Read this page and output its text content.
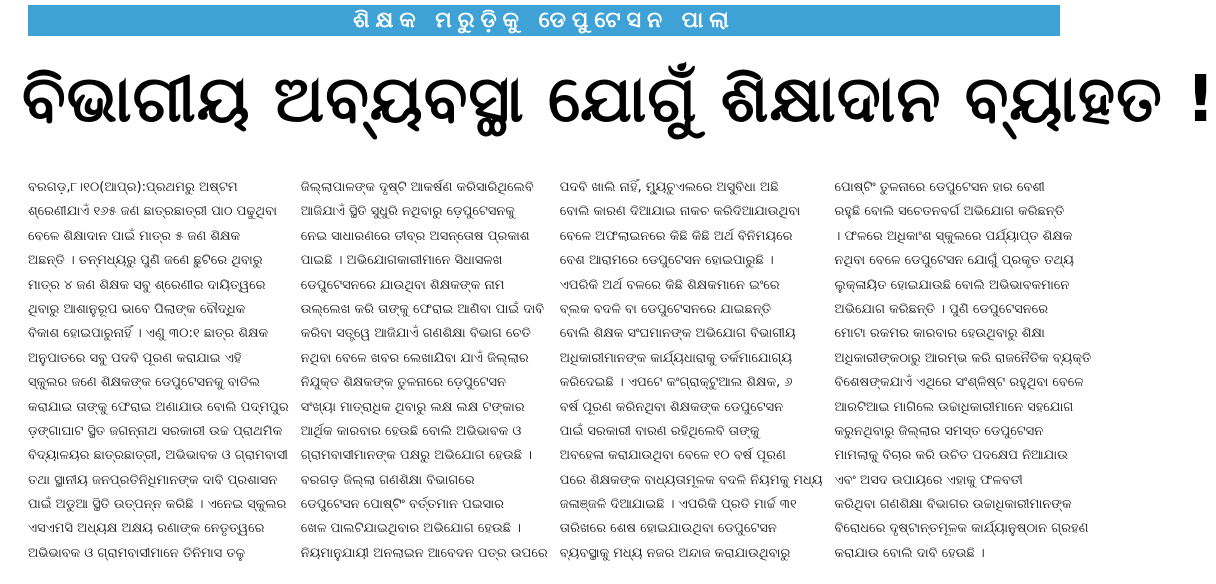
ଶିକ୍ଷକ ମରୁଡ଼ିକୁ ଡେପୁଟେସନ ପାଲା
ବିଭାଗୀୟ ଅବ୍ୟବସ୍ଥା ଯୋଗୁଁ ଶିକ୍ଷାଦାନ ବ୍ୟାହତ !
ବରଗଡ଼,୮।୧୦(ଆପ୍ର):ପ୍ରଥମରୁ ଅଷ୍ଟମ
ଶ୍ରେଣୀଯାଏଁ ୧୬୫ ଜଣ ଛାତ୍ରଛାତ୍ରୀ ପାଠ ପଢୁଥିବା
ବେଳେ ଶିକ୍ଷାଦାନ ପାଇଁ ମାତ୍ର ୫ ଜଣ ଶିକ୍ଷକ
ଅଛନ୍ତି । ତନ୍ମଧ୍ୟରୁ ପୁଣି ଜଣେ ଛୁଟିରେ ଥିବାରୁ
ମାତ୍ର ୪ ଜଣ ଶିକ୍ଷକ ସବୁ ଶ୍ରେଣୀର ଦାୟିତ୍ୱରେ
ଥିବାରୁ ଆଶାନୁରୂପ ଭାବେ ପିଲାଙ୍କ ବୌଦ୍ଧିକ
ବିକାଶ ହୋଇପାରୁନାହିଁ । ଏଣୁ ୩୦:୧ ଛାତ୍ର ଶିକ୍ଷକ
ଅନୁପାତରେ ସବୁ ପଦବି ପୂରଣ କରାଯାଇ ଏହି
ସ୍କୁଲର ଜଣେ ଶିକ୍ଷକଙ୍କ ଡେପୁଟେସନକୁ ବାତିଲ
କରାଯାଇ ତାଙ୍କୁ ଫେରାଇ ଅଣାଯାଉ ବୋଲି ପଦ୍ମପୁର
ଡ଼ଙ୍ଗାଘାଟ ସ୍ଥିତ ଜଗନ୍ନାଥ ସରକାରୀ ଉଚ୍ଚ ପ୍ରାଥମିକ
ବିଦ୍ୟାଳୟର ଛାତ୍ରଛାତ୍ରୀ, ଅଭିଭାବକ ଓ ଗ୍ରାମବାସୀ
ତଥା ସ୍ଥାନୀୟ ଜନପ୍ରତିନିଧିମାନଙ୍କ ଦାବି ପ୍ରଶାସନ
ପାଇଁ ଅଡୁଆ ସ୍ଥିତି ଉତ୍ପନ୍ନ କରିଛି । ଏନେଇ ସ୍କୁଲର
ଏସଏମସି ଅଧ୍ୟକ୍ଷ ଅକ୍ଷୟ ରଣାଙ୍କ ନେତୃତ୍ୱରେ
ଅଭିଭାବକ ଓ ଗ୍ରାମବାସୀମାନେ ତିନିମାସ ତଳୁ
ଜିଲ୍ଲାପାଳଙ୍କ ଦୃଷ୍ଟି ଆକର୍ଷଣ କରିସାରିଥିଲେବି
ଆଜିଯାଏଁ ସ୍ଥିତି ସୁଧୁରି ନଥିବାରୁ ଡ଼େପୁଟେସନକୁ
ନେଇ ସାଧାରଣରେ ତୀବ୍ର ଅସନ୍ତୋଷ ପ୍ରକାଶ
ପାଇଛି । ଅଭିଯୋଗକାରୀମାନେ ସିଧାସଳଖ
ଡେପୁଟେସନରେ ଯାଉଥିବା ଶିକ୍ଷକଙ୍କ ନାମ
ଉଲ୍ଲେଖ କରି ତାଙ୍କୁ ଫେରାଇ ଆଣିବା ପାଇଁ ଦାବି
କରିବା ସତ୍ତ୍ୱେ ଆଜିଯାଏଁ ଗଣଶିକ୍ଷା ବିଭାଗ ଚେତି
ନଥିବା ବେଳେ ଖବର ଲେଖାଯିବା ଯାଏଁ ଜିଲ୍ଲାର
ନିଯୁକ୍ତ ଶିକ୍ଷକଙ୍କ ତୁଳନାରେ ଡ଼େପୁଟେସନ
ସଂଖ୍ୟା ମାତ୍ରାଧିକ ଥିବାରୁ ଲକ୍ଷ ଲକ୍ଷ ଟଙ୍କାର
ଆର୍ଥିକ କାରବାର ହେଉଛି ବୋଲି ଅଭିଭାବକ ଓ
ଗ୍ରାମବାସୀମାନଙ୍କ ପକ୍ଷରୁ ଅଭିଯୋଗ ହେଉଛି ।
ବରଗଡ଼ ଜିଲ୍ଲା ଗଣଶିକ୍ଷା ବିଭାଗରେ
ଡେପୁଟେସନ ପୋଷ୍ଟିଂ ବର୍ତ୍ତମାନ ପଇସାର
ଖେଳ ପାଲଟିଯାଇଥିବାର ଅଭିଯୋଗ ହେଉଛି ।
ନିୟମାନୁଯାୟୀ ଅନଲାଇନ ଆବେଦନ ପତ୍ର ଉପରେ
ପଦବି ଖାଲି ନାହିଁ, ମ୍ୟୁଚୁଏଲରେ ଅସୁବିଧା ଅଛି
ବୋଲି କାରଣ ଦିଆଯାଇ ନାକଚ କରିଦିଆଯାଉଥିବା
ବେଳେ ଅଫଲାଇନରେ କିଛି କିଛି ଅର୍ଥ ବିନିମୟରେ
ବେଶ ଆରାମରେ ଡେପୁଟେସନ ହୋଇପାରୁଛି ।
ଏପରିକି ଅର୍ଥ ବଳରେ କିଛି ଶିକ୍ଷକମାନେ ଇଂରେ
ବ୍ଲକ ବଦଳି ବା ଡେପୁଟେସନରେ ଯାଇଛନ୍ତି
ବୋଲି ଶିକ୍ଷକ ସଂଘମାନଙ୍କ ଅଭିଯୋଗ ବିଭାଗୀୟ
ଅଧିକାରୀମାନଙ୍କ କାର୍ଯ୍ୟଧାରାକୁ ତର୍କମାଯୋଗ୍ୟ
କରିଦେଇଛି । ଏପଟେ କଂଗ୍ରାକ୍ଟୁଆଲ ଶିକ୍ଷକ, ୬
ବର୍ଷ ପୂରଣ କରିନଥିବା ଶିକ୍ଷକଙ୍କ ଡେପୁଟେସନ
ପାଇଁ ସରକାରୀ ବାରଣ ରହିଥିଲେବି ତାଙ୍କୁ
ଅବହେଳା କରାଯାଉଥିବା ବେଳେ ୧୦ ବର୍ଷ ପୂରଣ
ପରେ ଶିକ୍ଷକଙ୍କ ବାଧ୍ୟତାମୂଳକ ବଦଳି ନିୟମକୁ ମଧ୍ୟ
ଜଳାଞ୍ଜଳି ଦିଆଯାଇଛି । ଏପରିକି ପ୍ରତି ମାର୍ଚ୍ଚ ୩୧
ତାରିଖରେ ଶେଷ ହୋଇଯାଉଥିବା ଡେପୁଟେସନ
ବ୍ୟବସ୍ଥାକୁ ମଧ୍ୟ ନଜର ଅନ୍ଦାଜ କରାଯାଉଥିବାରୁ
ପୋଷ୍ଟିଂ ତୁଳନାରେ ଡେପୁଟେସନ ହାର ବେଶୀ
ରହୁଛି ବୋଲି ସଚେତନବର୍ଗ ଅଭିଯୋଗ କରିଛନ୍ତି
। ଫଳରେ ଅଧିକାଂଶ ସ୍କୁଲରେ ପର୍ଯ୍ୟାପ୍ତ ଶିକ୍ଷକ
ନଥିବା ବେଳେ ଡେପୁଟେସନ ଯୋଗୁଁ ପ୍ରକୃତ ତଥ୍ୟ
ଲୁକ୍ଳାୟିତ ହୋଇଯାଉଛି ବୋଲି ଅଭିଭାବକମାନେ
ଅଭିଯୋଗ କରିଛନ୍ତି । ପୁଣି ଡେପୁଟେସନରେ
ମୋଟା ରକମର କାରବାର ହେଉଥିବାରୁ ଶିକ୍ଷା
ଅଧିକାରୀଙ୍କଠାରୁ ଆରମ୍ଭ କରି ରାଜନୈତିକ ବ୍ୟକ୍ତି
ବିଶେଷଙ୍କଯାଏଁ ଏଥିରେ ସଂଶ୍ଳିଷ୍ଟ ରହୁଥିବା ବେଳେ
ଆରଟିଆଇ ମାଗିଲେ ଉଚ୍ଚାଧିକାରୀମାନେ ସହଯୋଗ
କରୁନଥିବାରୁ ଜିଲ୍ଲାର ସମସ୍ତ ଡେପୁଟେସନ
ମାମଲାକୁ ବିଚାର କରି ଉଚିତ ପଦକ୍ଷେପ ନିଆଯାଉ
ଏବଂ ଅସଦ ଉପାୟରେ ଏହାକୁ ଫଳବତୀ
କରିଥିବା ଗଣଶିକ୍ଷା ବିଭାଗର ଉଚ୍ଚାଧିକାରୀମାନଙ୍କ
ବିରୋଧରେ ଦୃଷ୍ଟାନ୍ତମୂଳକ କାର୍ଯ୍ୟାନୁଷ୍ଠାନ ଗ୍ରହଣ
କରାଯାଉ ବୋଲି ଦାବି ହେଉଛି ।
